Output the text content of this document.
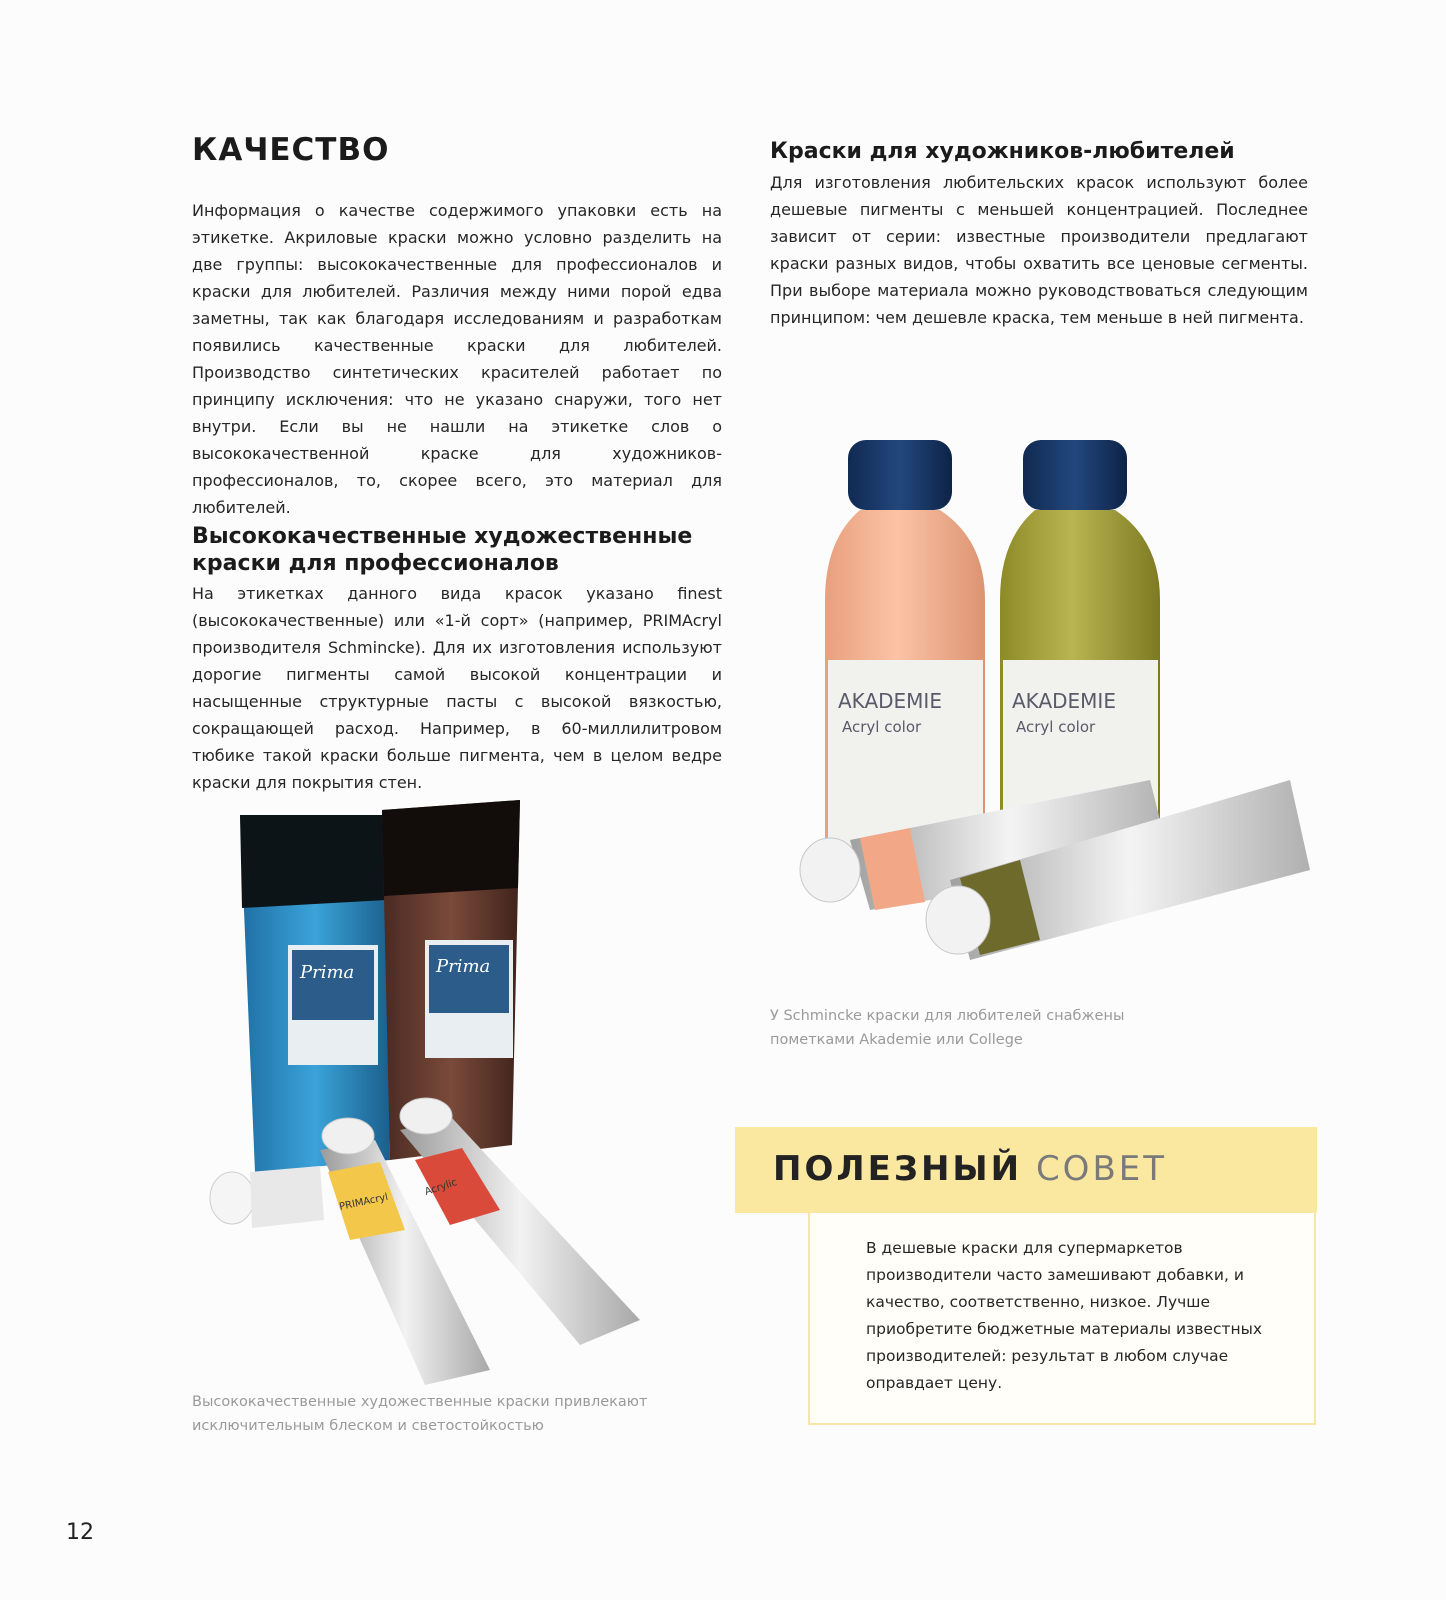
КАЧЕСТВО

Информация о качестве содержимого упаковки есть на этикетке. Акриловые краски можно условно разделить на две группы: высококачественные для профессионалов и краски для любителей. Различия между ними порой едва заметны, так как благодаря исследованиям и разработкам появились качественные краски для любителей. Производство синтетических красителей работает по принципу исключения: что не указано снаружи, того нет внутри. Если вы не нашли на этикетке слов о высококачественной краске для художников-профессионалов, то, скорее всего, это материал для любителей.

Высококачественные художественные краски для профессионалов

На этикетках данного вида красок указано finest (высококачественные) или «1-й сорт» (например, PRIMAcryl производителя Schmincke). Для их изготовления используют дорогие пигменты самой высокой концентрации и насыщенные структурные пасты с высокой вязкостью, сокращающей расход. Например, в 60-миллилитровом тюбике такой краски больше пигмента, чем в целом ведре краски для покрытия стен.

Prima	Prima
PRIMAcryl
Acrylic

Высококачественные художественные краски привлекают исключительным блеском и светостойкостью

Краски для художников-любителей

Для изготовления любительских красок используют более дешевые пигменты с меньшей концентрацией. Последнее зависит от серии: известные производители предлагают краски разных видов, чтобы охватить все ценовые сегменты. При выборе материала можно руководствоваться следующим принципом: чем дешевле краска, тем меньше в ней пигмента.

AKADEMIE
Acryl color
AKADEMIE
Acryl color

У Schmincke краски для любителей снабжены пометками Akademie или College

В дешевые краски для супермаркетов производители часто замешивают добавки, и качество, соответственно, низкое. Лучше приобретите бюджетные материалы известных производителей: результат в любом случае оправдает цену.

ПОЛЕЗНЫЙ СОВЕТ
12
